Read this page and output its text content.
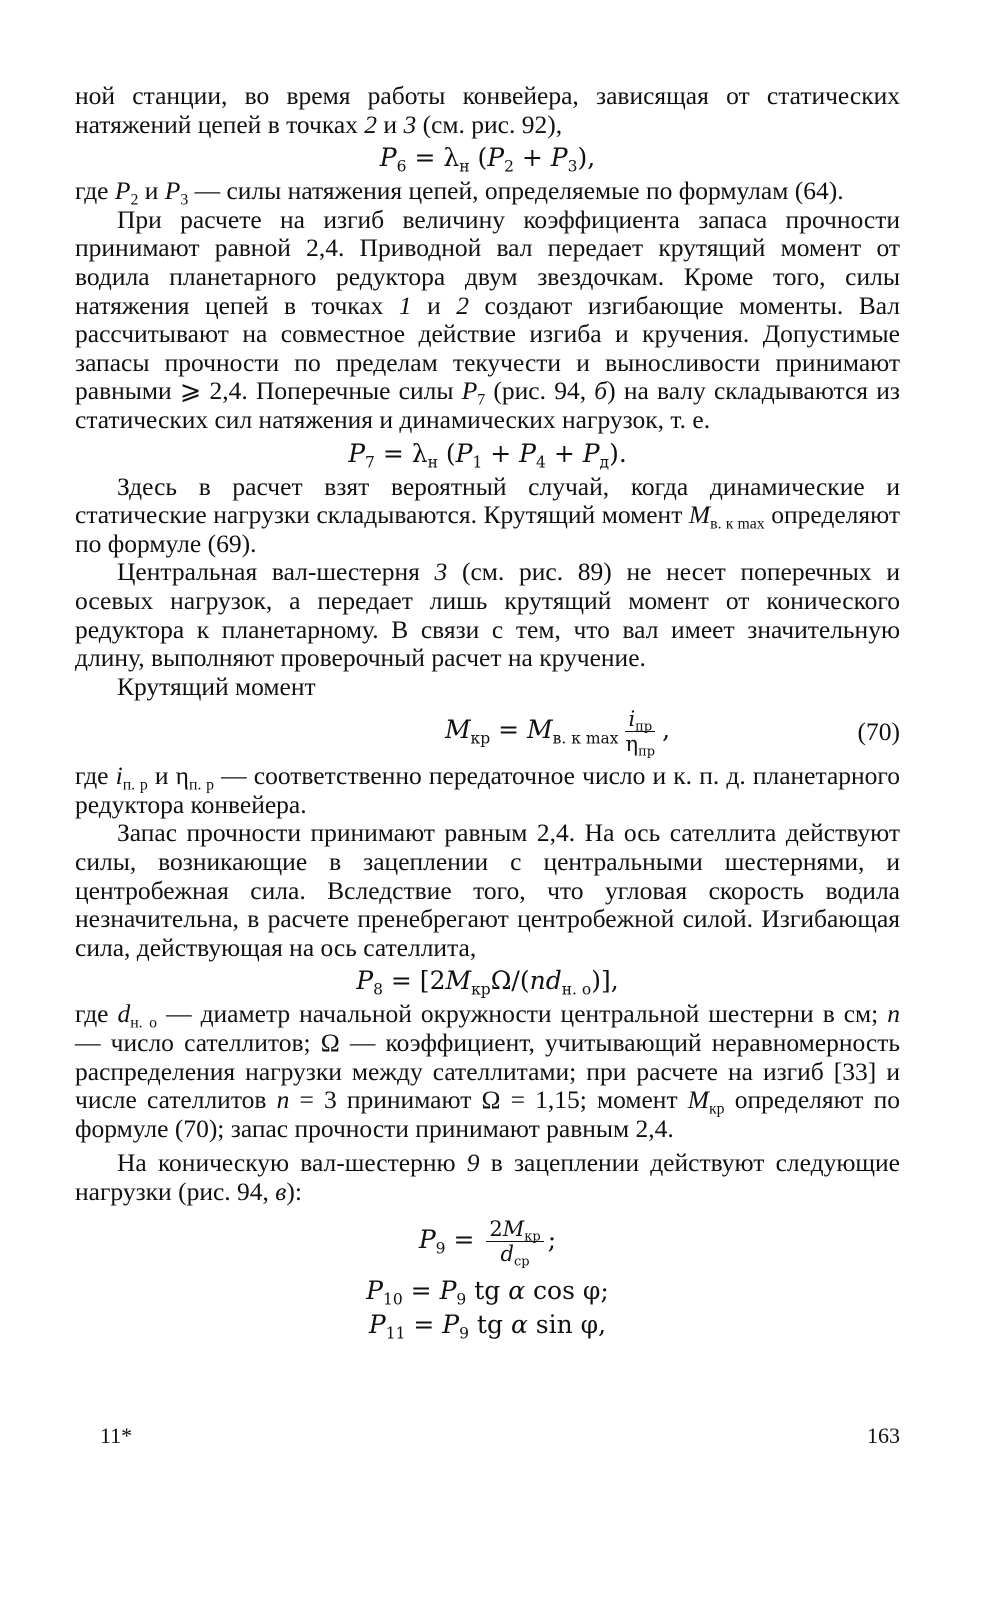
ной станции, во время работы конвейера, зависящая от статических натяжений цепей в точках 2 и 3 (см. рис. 92),

$P_6 = \lambda_н$ $(P_2 + P_3)$,

где $P_2$ и $P_3$ — силы натяжения цепей, определяемые по формулам (64).

При расчете на изгиб величину коэффициента запаса прочности принимают равной 2,4. Приводной вал передает крутящий момент от водила планетарного редуктора двум звездочкам. Кроме того, силы натяжения цепей в точках 1 и 2 создают изгибающие моменты. Вал рассчитывают на совместное действие изгиба и кручения. Допустимые запасы прочности по пределам текучести и выносливости принимают равными ⩾ 2,4. Поперечные силы $P_7$ (рис. 94, б) на валу складываются из статических сил натяжения и динамических нагрузок, т. е.

$P_7 = \lambda_н$ $(P_1 + P_4 + P_д)$.

Здесь в расчет взят вероятный случай, когда динамические и статические нагрузки складываются. Крутящий момент $M_{в. к max}$ определяют по формуле (69).

Центральная вал-шестерня 3 (см. рис. 89) не несет поперечных и осевых нагрузок, а передает лишь крутящий момент от конического редуктора к планетарному. В связи с тем, что вал имеет значительную длину, выполняют проверочный расчет на кручение.

Крутящий момент

$M_{кр} = M_{в. к max} \frac{i_{пр}}{\eta_{пр}}$ ,	(70)

где $i_{п. р}$ и $\eta_{п. р}$ — соответственно передаточное число и к. п. д. планетарного редуктора конвейера.

Запас прочности принимают равным 2,4. На ось сателлита действуют силы, возникающие в зацеплении с центральными шестернями, и центробежная сила. Вследствие того, что угловая скорость водила незначительна, в расчете пренебрегают центробежной силой. Изгибающая сила, действующая на ось сателлита,

$P_8 = [2M_{кр}\Omega/(nd_{н. о})]$,

где $d_{н. о}$ — диаметр начальной окружности центральной шестерни в см; n — число сателлитов; Ω — коэффициент, учитывающий неравномерность распределения нагрузки между сателлитами; при расчете на изгиб [33] и числе сателлитов n = 3 принимают Ω = 1,15; момент $M_{кр}$ определяют по формуле (70); запас прочности принимают равным 2,4.

На коническую вал-шестерню 9 в зацеплении действуют следующие нагрузки (рис. 94, в):

$P_9 = \frac{2M_{кр}}{d_{ср}}$ ;
$P_{10} = P_9$ tg α cos φ;
$P_{11} = P_9$ tg α sin φ,
11*	163
